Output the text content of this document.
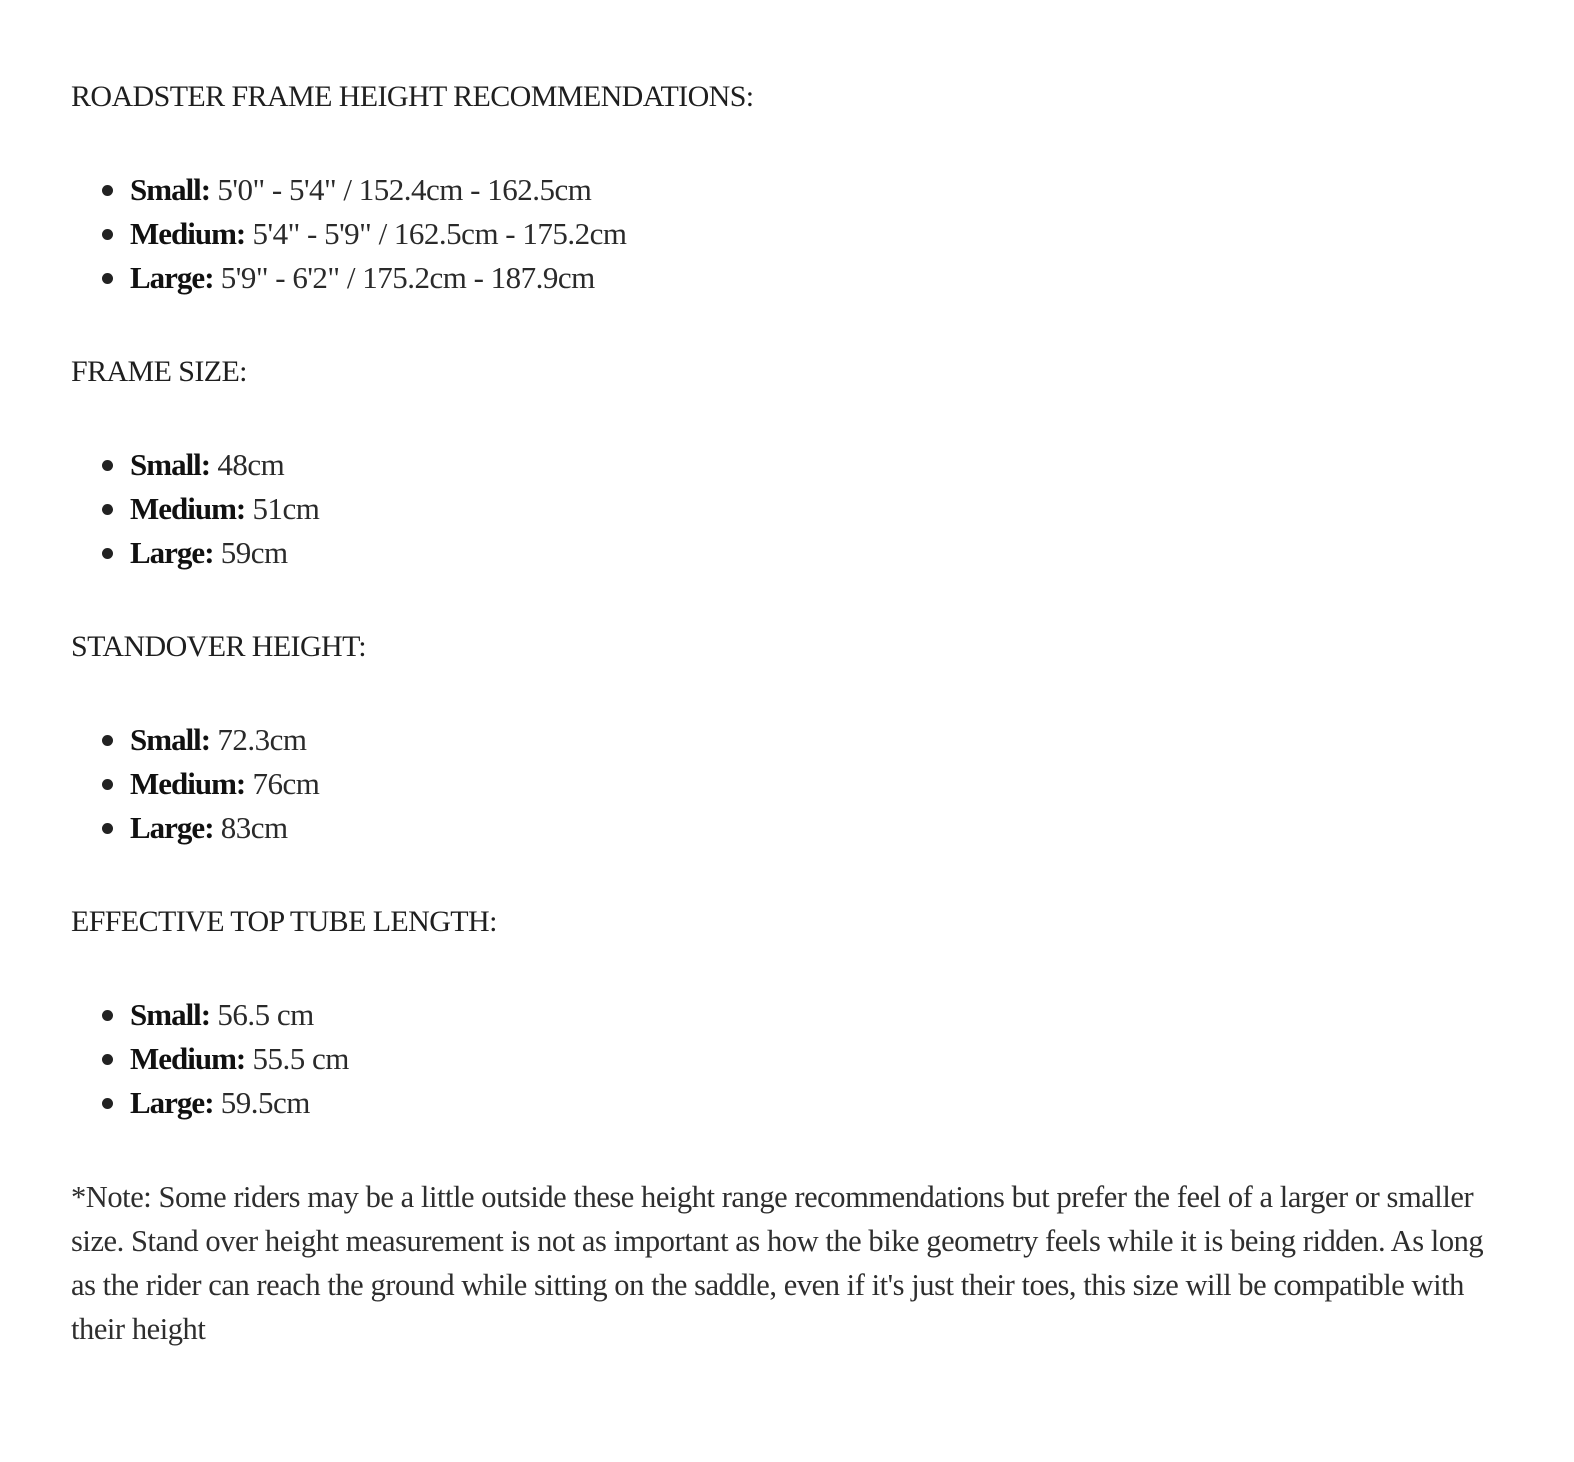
ROADSTER FRAME HEIGHT RECOMMENDATIONS:
Small: 5'0" - 5'4" / 152.4cm - 162.5cm
Medium: 5'4" - 5'9" / 162.5cm - 175.2cm
Large: 5'9" - 6'2" / 175.2cm - 187.9cm
FRAME SIZE:
Small: 48cm
Medium: 51cm
Large: 59cm
STANDOVER HEIGHT:
Small: 72.3cm
Medium: 76cm
Large: 83cm
EFFECTIVE TOP TUBE LENGTH:
Small: 56.5 cm
Medium: 55.5 cm
Large: 59.5cm

*Note: Some riders may be a little outside these height range recommendations but prefer the feel of a larger or smaller size. Stand over height measurement is not as important as how the bike geometry feels while it is being ridden. As long as the rider can reach the ground while sitting on the saddle, even if it's just their toes, this size will be compatible with their height
